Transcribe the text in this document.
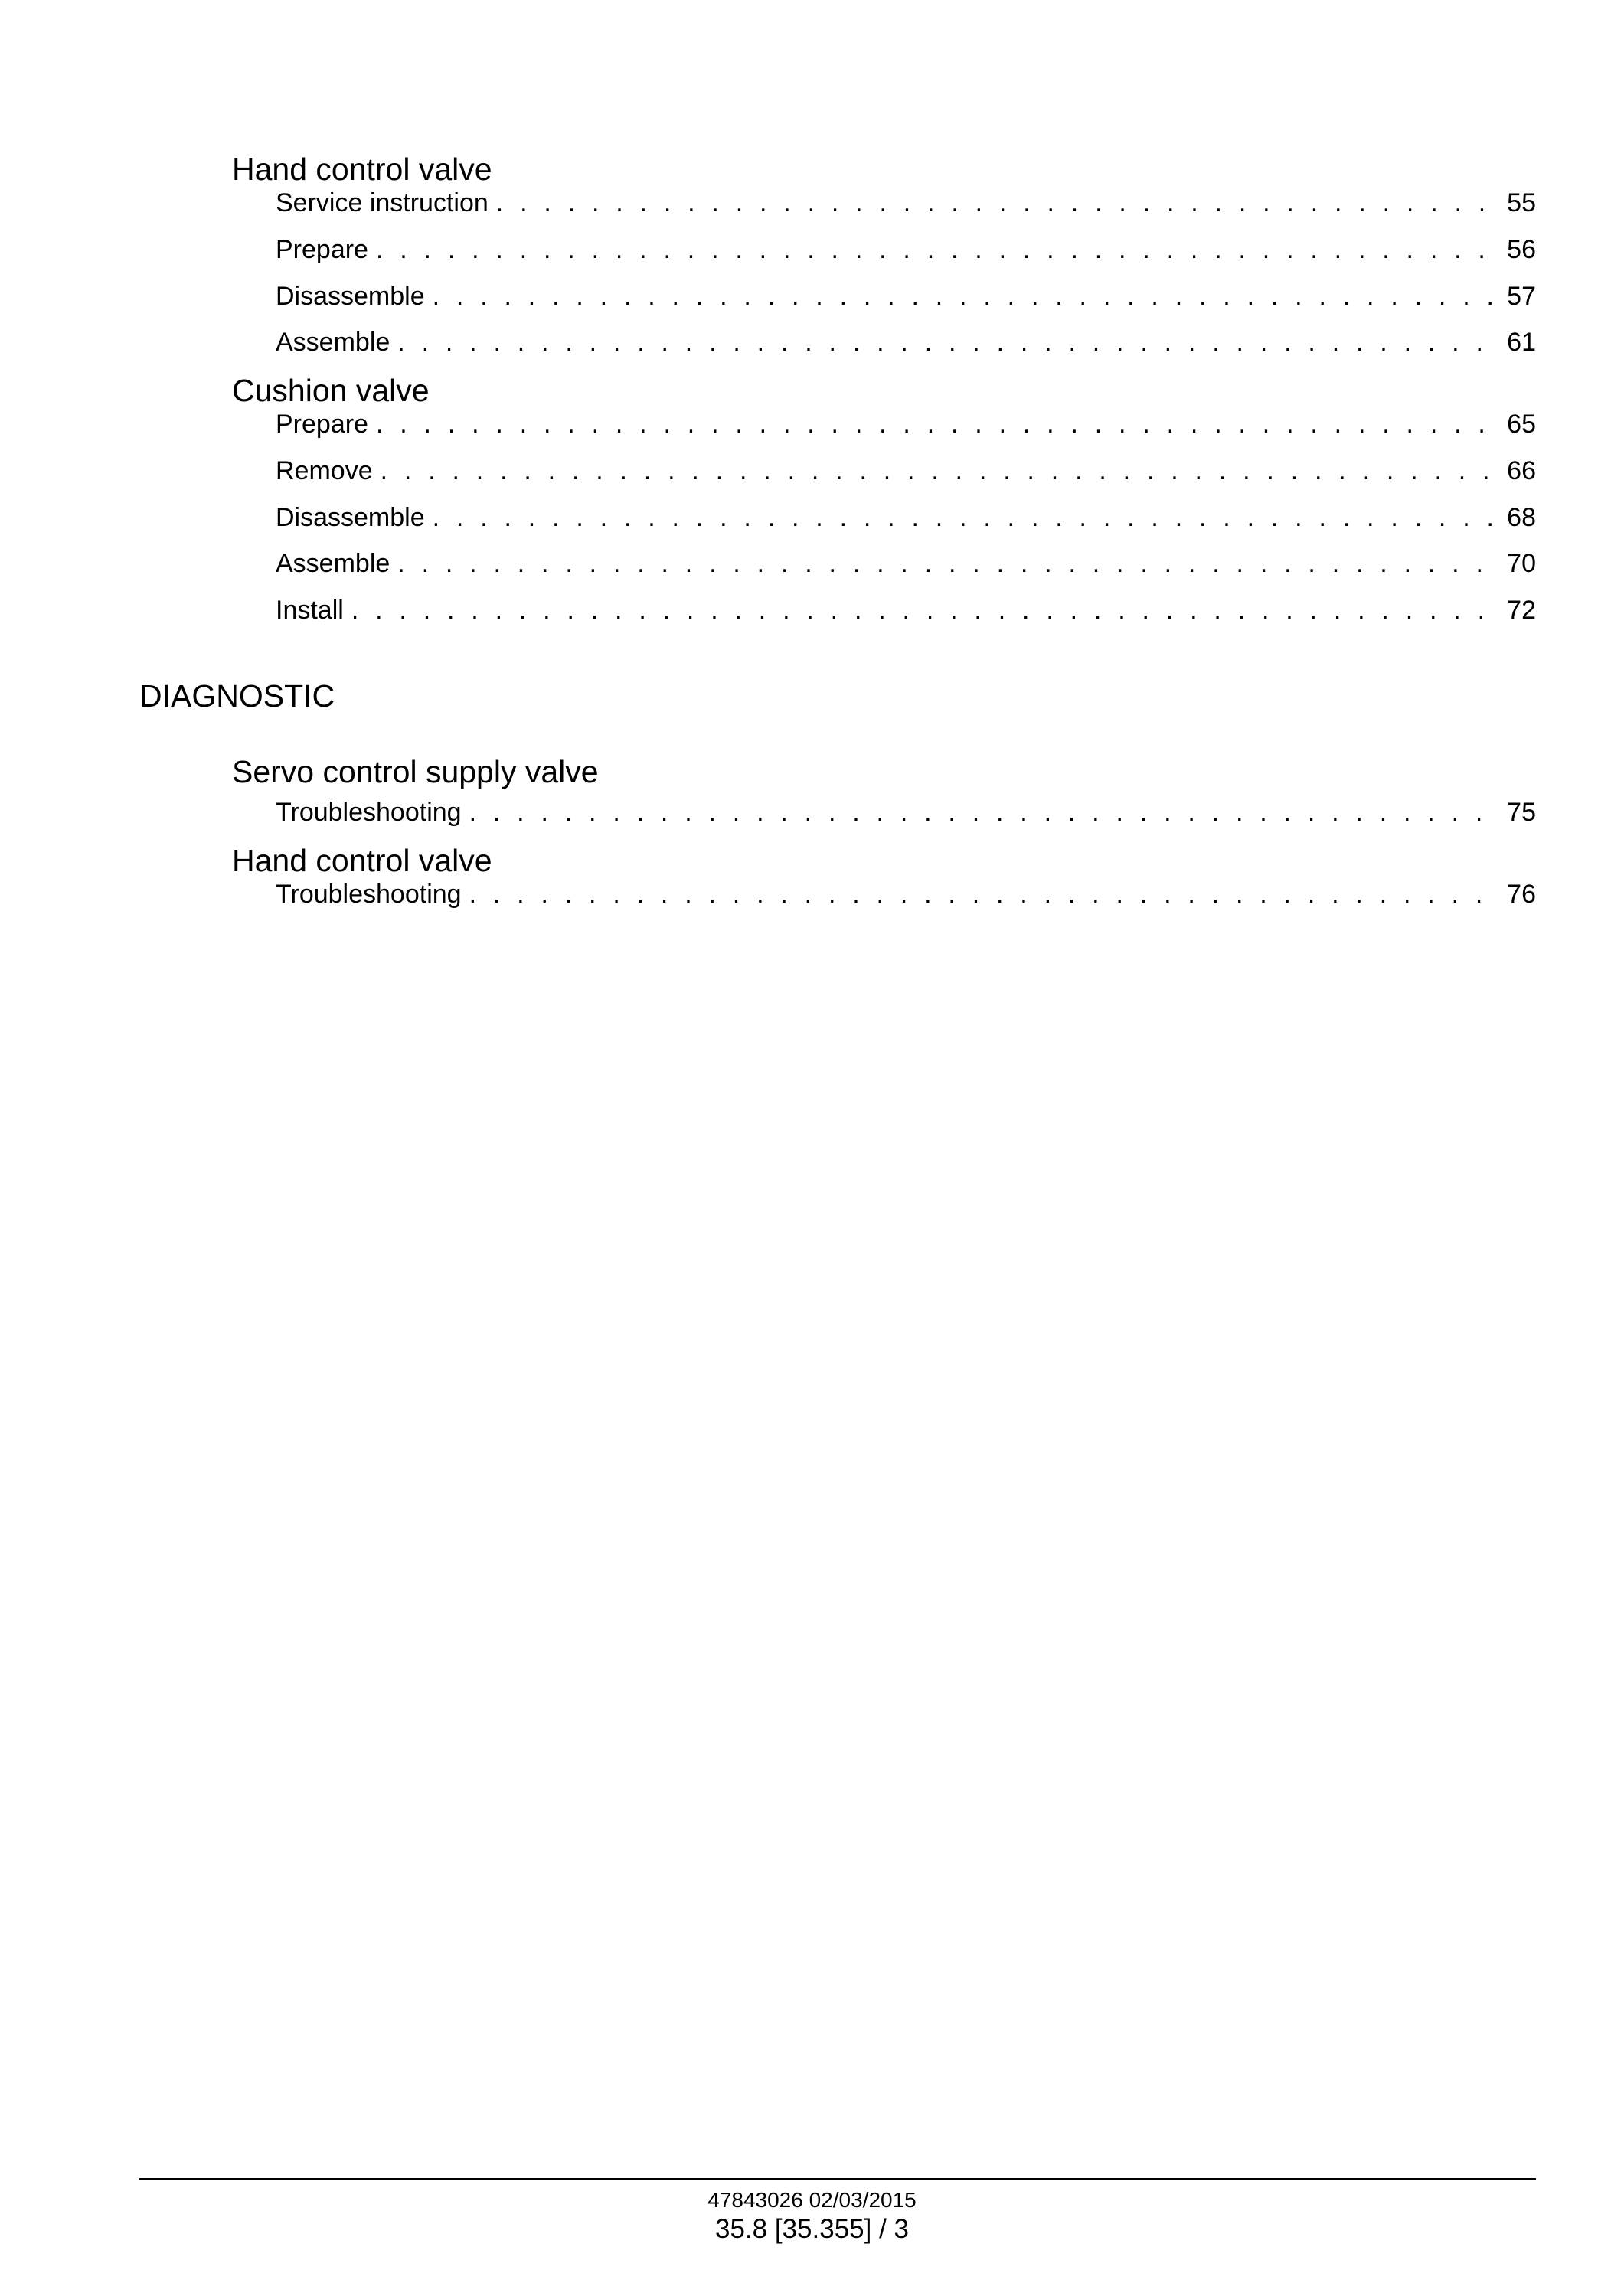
Hand control valve
Service instruction . . .	55
Prepare . . .	56
Disassemble . . .	57
Assemble . . .	61
Cushion valve
Prepare . . .	65
Remove . . .	66
Disassemble . . .	68
Assemble . . .	70
Install . . .	72
DIAGNOSTIC
Servo control supply valve
Troubleshooting . . .	75
Hand control valve
Troubleshooting . . .	76
47843026 02/03/2015
35.8 [35.355] / 3
